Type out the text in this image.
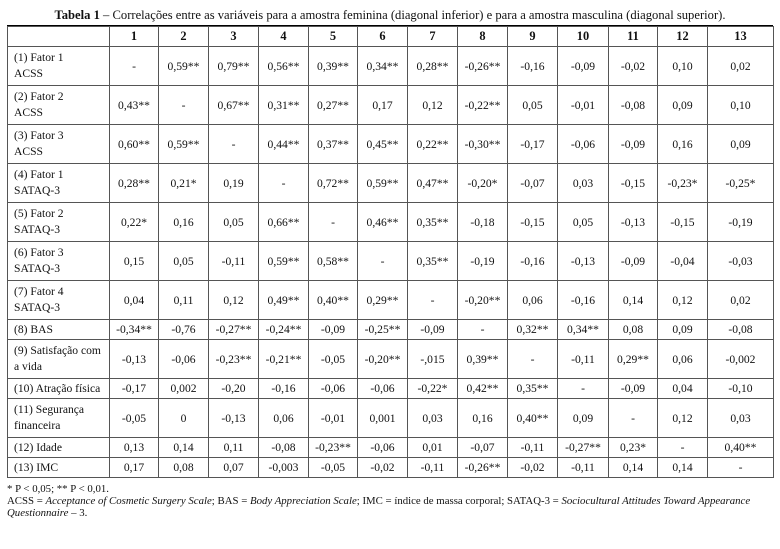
Tabela 1 – Correlações entre as variáveis para a amostra feminina (diagonal inferior) e para a amostra masculina (diagonal superior).
	1	2	3	4	5	6	7	8	9	10	11	12	13

(1) Fator 1
ACSS	-	0,59**	0,79**	0,56**	0,39**	0,34**	0,28**	-0,26**	-0,16	-0,09	-0,02	0,10	0,02

(2) Fator 2
ACSS	0,43**	-	0,67**	0,31**	0,27**	0,17	0,12	-0,22**	0,05	-0,01	-0,08	0,09	0,10

(3) Fator 3
ACSS	0,60**	0,59**	-	0,44**	0,37**	0,45**	0,22**	-0,30**	-0,17	-0,06	-0,09	0,16	0,09

(4) Fator 1
SATAQ-3	0,28**	0,21*	0,19	-	0,72**	0,59**	0,47**	-0,20*	-0,07	0,03	-0,15	-0,23*	-0,25*

(5) Fator 2
SATAQ-3	0,22*	0,16	0,05	0,66**	-	0,46**	0,35**	-0,18	-0,15	0,05	-0,13	-0,15	-0,19

(6) Fator 3
SATAQ-3	0,15	0,05	-0,11	0,59**	0,58**	-	0,35**	-0,19	-0,16	-0,13	-0,09	-0,04	-0,03

(7) Fator 4
SATAQ-3	0,04	0,11	0,12	0,49**	0,40**	0,29**	-	-0,20**	0,06	-0,16	0,14	0,12	0,02

(8) BAS	-0,34**	-0,76	-0,27**	-0,24**	-0,09	-0,25**	-0,09	-	0,32**	0,34**	0,08	0,09	-0,08

(9) Satisfação com
a vida	-0,13	-0,06	-0,23**	-0,21**	-0,05	-0,20**	-,015	0,39**	-	-0,11	0,29**	0,06	-0,002

(10) Atração física	-0,17	0,002	-0,20	-0,16	-0,06	-0,06	-0,22*	0,42**	0,35**	-	-0,09	0,04	-0,10

(11) Segurança
financeira	-0,05	0	-0,13	0,06	-0,01	0,001	0,03	0,16	0,40**	0,09	-	0,12	0,03

(12) Idade	0,13	0,14	0,11	-0,08	-0,23**	-0,06	0,01	-0,07	-0,11	-0,27**	0,23*	-	0,40**

(13) IMC	0,17	0,08	0,07	-0,003	-0,05	-0,02	-0,11	-0,26**	-0,02	-0,11	0,14	0,14	-
* P < 0,05; ** P < 0,01.
ACSS = Acceptance of Cosmetic Surgery Scale; BAS = Body Appreciation Scale; IMC = índice de massa corporal; SATAQ-3 = Sociocultural Attitudes Toward Appearance Questionnaire – 3.
